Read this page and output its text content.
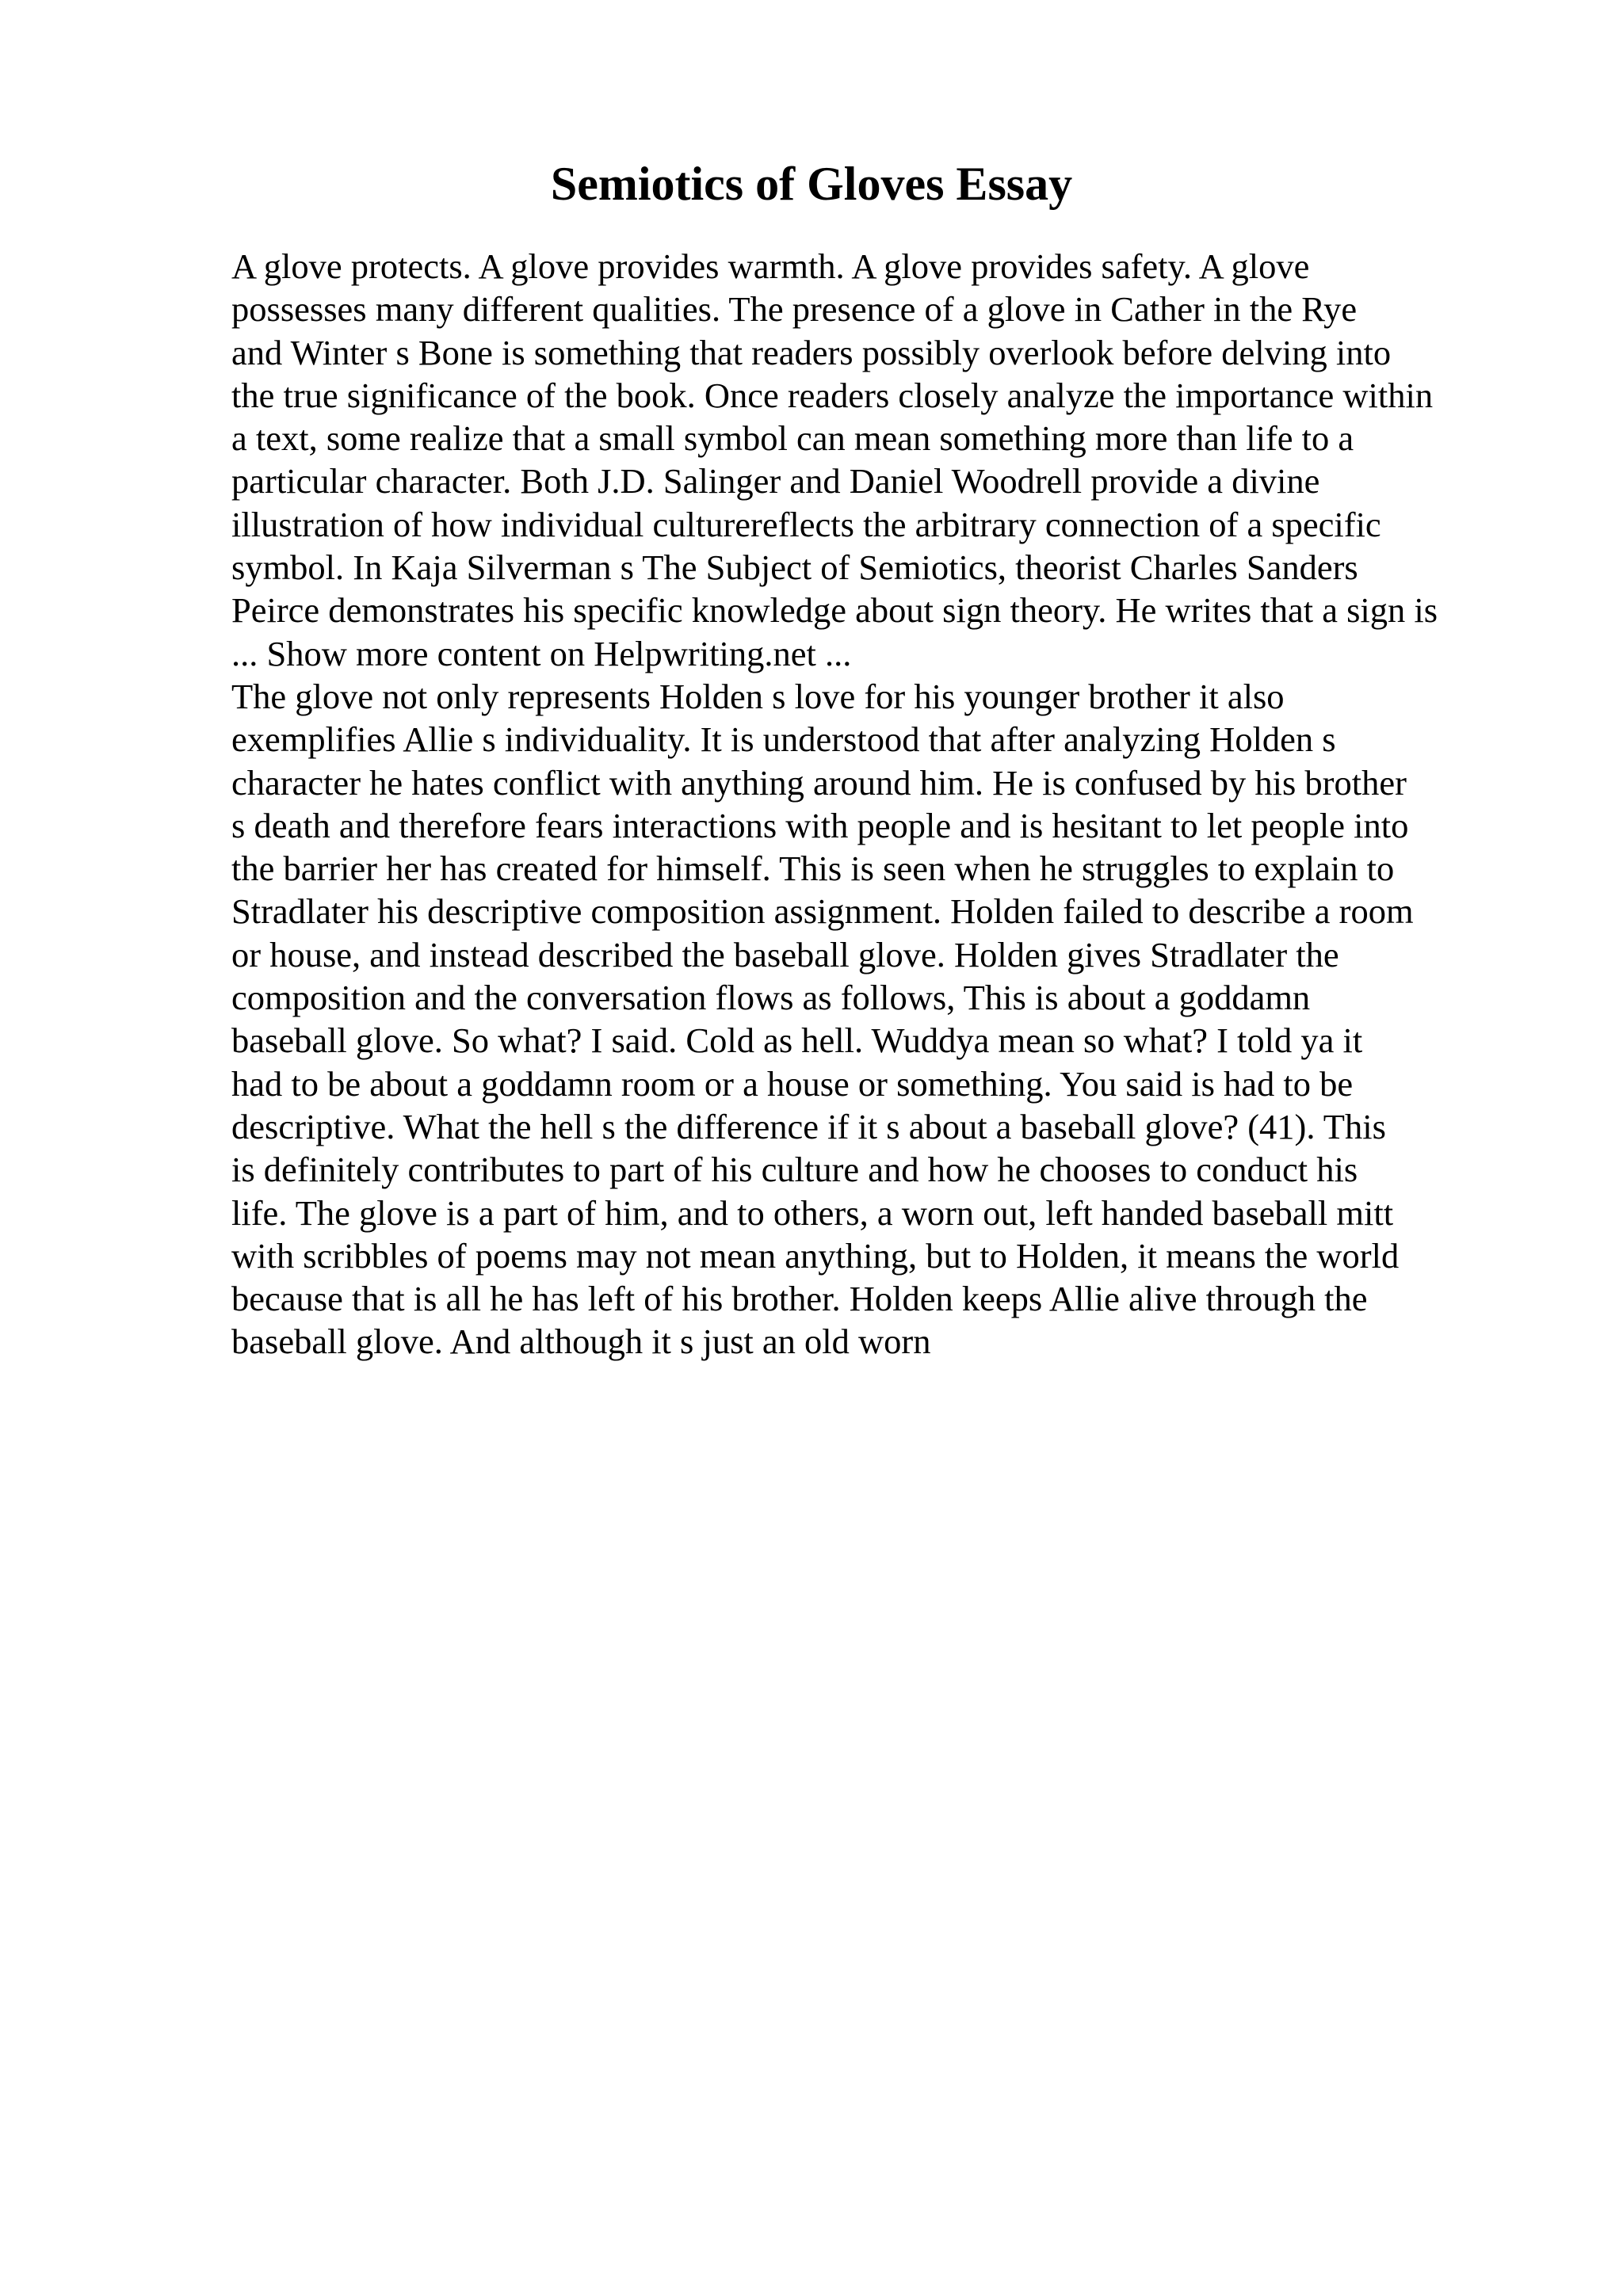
Semiotics of Gloves Essay
A glove protects. A glove provides warmth. A glove provides safety. A glove
possesses many different qualities. The presence of a glove in Cather in the Rye
and Winter s Bone is something that readers possibly overlook before delving into
the true significance of the book. Once readers closely analyze the importance within
a text, some realize that a small symbol can mean something more than life to a
particular character. Both J.D. Salinger and Daniel Woodrell provide a divine
illustration of how individual culturereflects the arbitrary connection of a specific
symbol. In Kaja Silverman s The Subject of Semiotics, theorist Charles Sanders
Peirce demonstrates his specific knowledge about sign theory. He writes that a sign is
... Show more content on Helpwriting.net ...
The glove not only represents Holden s love for his younger brother it also
exemplifies Allie s individuality. It is understood that after analyzing Holden s
character he hates conflict with anything around him. He is confused by his brother
s death and therefore fears interactions with people and is hesitant to let people into
the barrier her has created for himself. This is seen when he struggles to explain to
Stradlater his descriptive composition assignment. Holden failed to describe a room
or house, and instead described the baseball glove. Holden gives Stradlater the
composition and the conversation flows as follows, This is about a goddamn
baseball glove. So what? I said. Cold as hell. Wuddya mean so what? I told ya it
had to be about a goddamn room or a house or something. You said is had to be
descriptive. What the hell s the difference if it s about a baseball glove? (41). This
is definitely contributes to part of his culture and how he chooses to conduct his
life. The glove is a part of him, and to others, a worn out, left handed baseball mitt
with scribbles of poems may not mean anything, but to Holden, it means the world
because that is all he has left of his brother. Holden keeps Allie alive through the
baseball glove. And although it s just an old worn
